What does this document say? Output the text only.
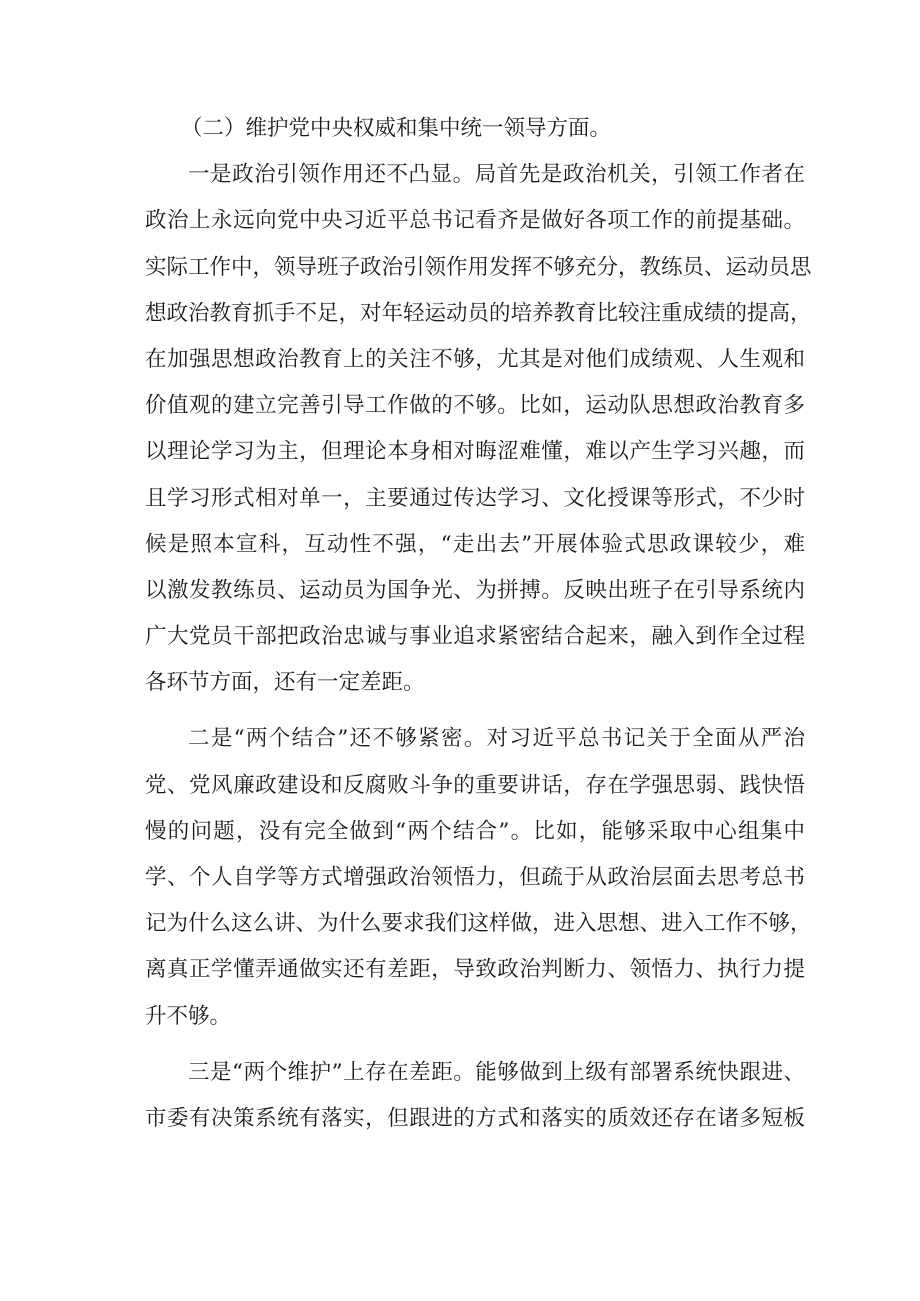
（二）维护党中央权威和集中统一领导方面。
一是政治引领作用还不凸显。局首先是政治机关，引领工作者在
政治上永远向党中央习近平总书记看齐是做好各项工作的前提基础。
实际工作中，领导班子政治引领作用发挥不够充分，教练员、运动员思
想政治教育抓手不足，对年轻运动员的培养教育比较注重成绩的提高，
在加强思想政治教育上的关注不够，尤其是对他们成绩观、人生观和
价值观的建立完善引导工作做的不够。比如，运动队思想政治教育多
以理论学习为主，但理论本身相对晦涩难懂，难以产生学习兴趣，而
且学习形式相对单一，主要通过传达学习、文化授课等形式，不少时
候是照本宣科，互动性不强，“走出去”开展体验式思政课较少，难
以激发教练员、运动员为国争光、为拼搏。反映出班子在引导系统内
广大党员干部把政治忠诚与事业追求紧密结合起来，融入到作全过程
各环节方面，还有一定差距。
二是“两个结合”还不够紧密。对习近平总书记关于全面从严治
党、党风廉政建设和反腐败斗争的重要讲话，存在学强思弱、践快悟
慢的问题，没有完全做到“两个结合”。比如，能够采取中心组集中
学、个人自学等方式增强政治领悟力，但疏于从政治层面去思考总书
记为什么这么讲、为什么要求我们这样做，进入思想、进入工作不够，
离真正学懂弄通做实还有差距，导致政治判断力、领悟力、执行力提
升不够。
三是“两个维护”上存在差距。能够做到上级有部署系统快跟进、
市委有决策系统有落实，但跟进的方式和落实的质效还存在诸多短板
